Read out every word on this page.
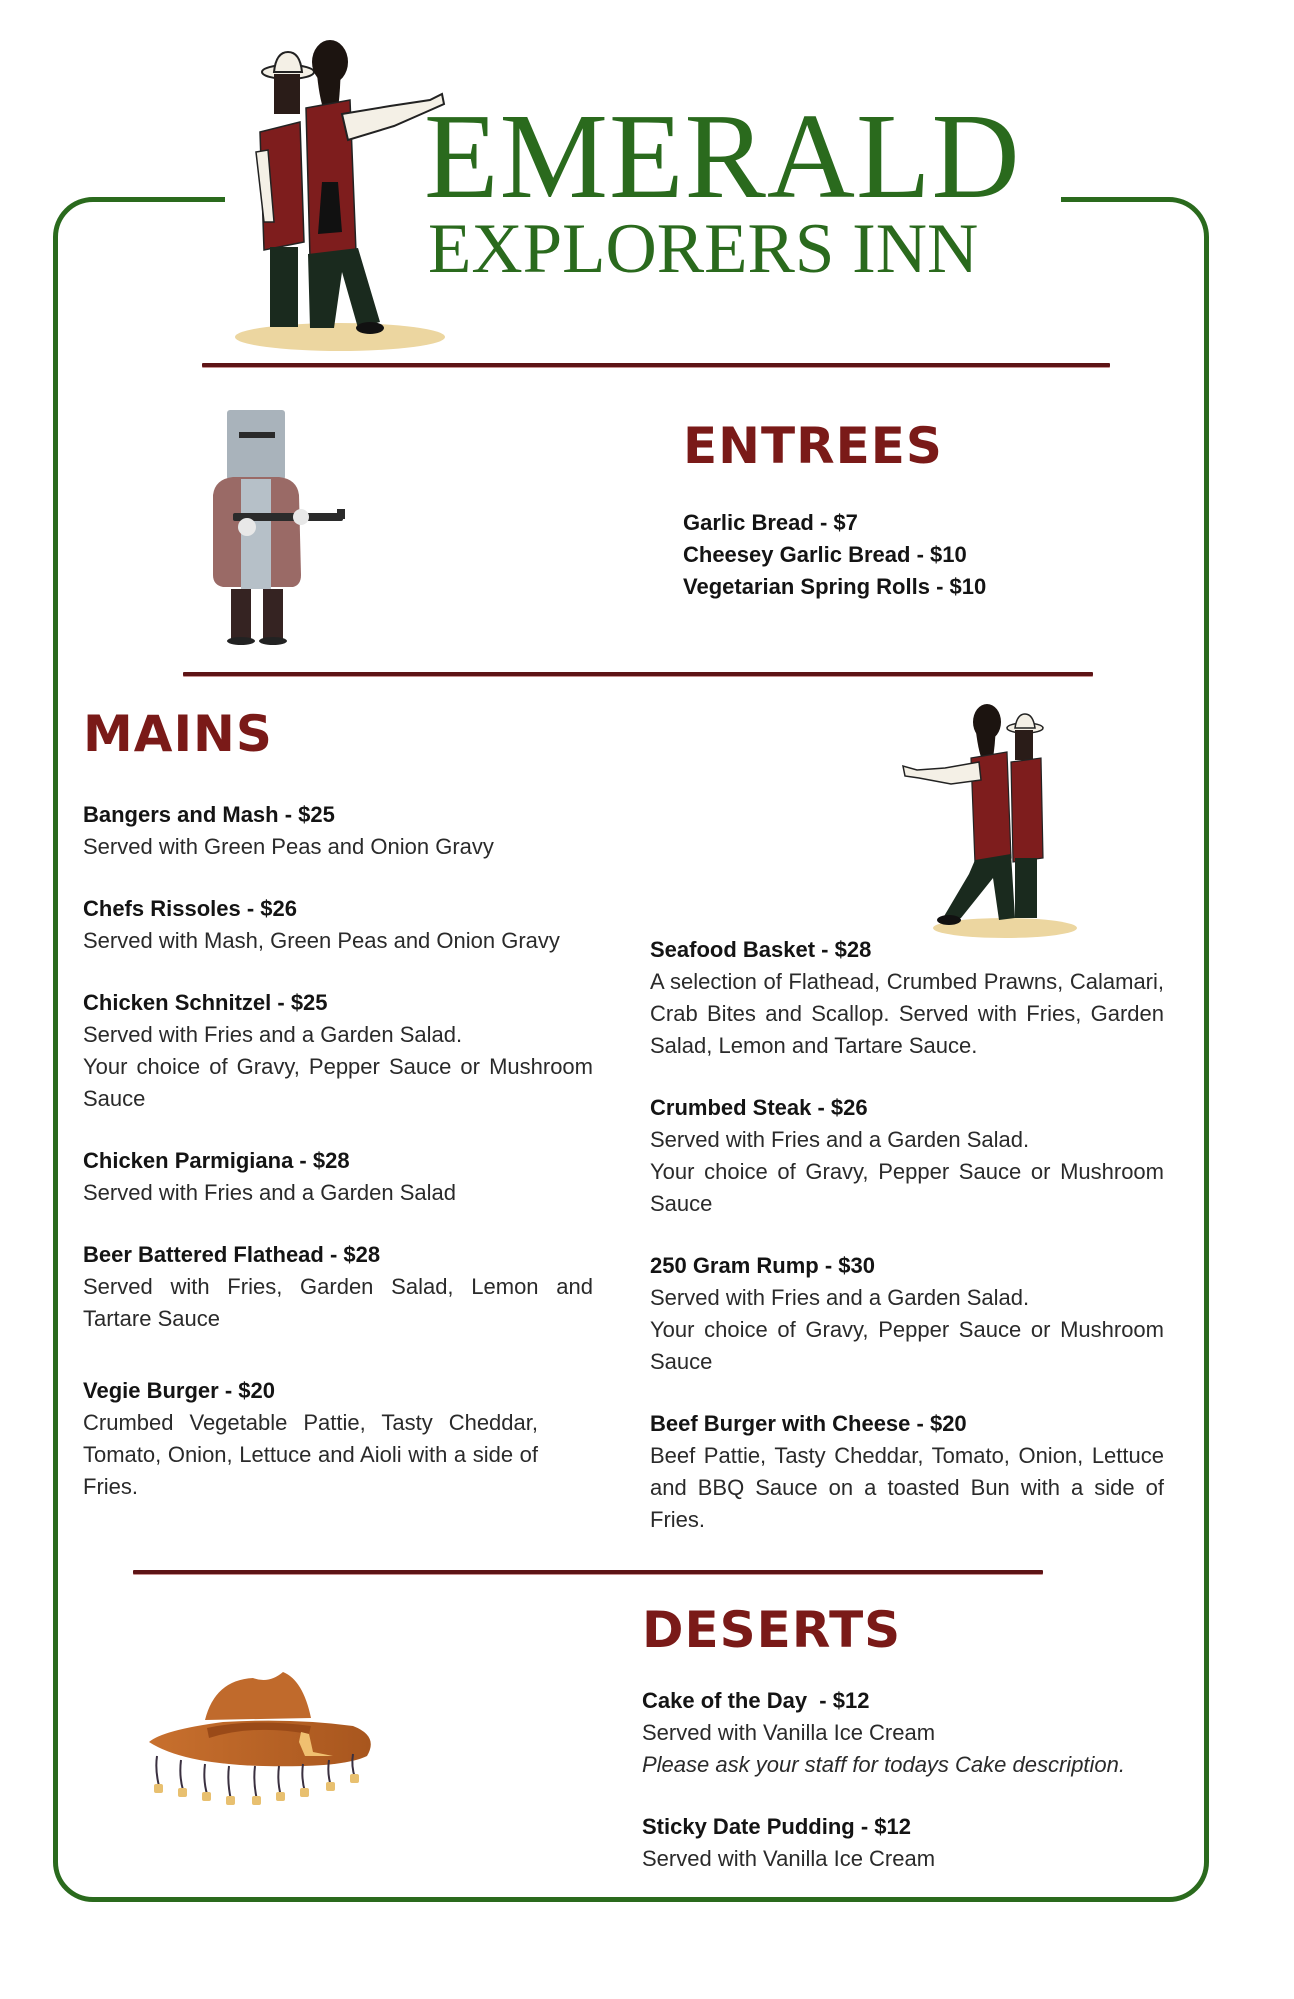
EMERALD
EXPLORERS INN
ENTREES
Garlic Bread - $7
Cheesey Garlic Bread - $10
Vegetarian Spring Rolls - $10
MAINS
Bangers and Mash - $25
Served with Green Peas and Onion Gravy
Chefs Rissoles - $26
Served with Mash, Green Peas and Onion Gravy
Chicken Schnitzel - $25
Served with Fries and a Garden Salad.
Your choice of Gravy, Pepper Sauce or Mushroom Sauce
Chicken Parmigiana - $28
Served with Fries and a Garden Salad
Beer Battered Flathead - $28
Served with Fries, Garden Salad, Lemon and Tartare Sauce
Vegie Burger - $20
Crumbed Vegetable Pattie, Tasty Cheddar, Tomato, Onion, Lettuce and Aioli with a side of Fries.
Seafood Basket - $28
A selection of Flathead, Crumbed Prawns, Calamari, Crab Bites and Scallop. Served with Fries, Garden Salad, Lemon and Tartare Sauce.
Crumbed Steak - $26
Served with Fries and a Garden Salad.
Your choice of Gravy, Pepper Sauce or Mushroom Sauce
250 Gram Rump - $30
Served with Fries and a Garden Salad.
Your choice of Gravy, Pepper Sauce or Mushroom Sauce
Beef Burger with Cheese - $20
Beef Pattie, Tasty Cheddar, Tomato, Onion, Lettuce and BBQ Sauce on a toasted Bun with a side of Fries.
DESERTS
Cake of the Day  - $12
Served with Vanilla Ice Cream
Please ask your staff for todays Cake description.
Sticky Date Pudding - $12
Served with Vanilla Ice Cream
